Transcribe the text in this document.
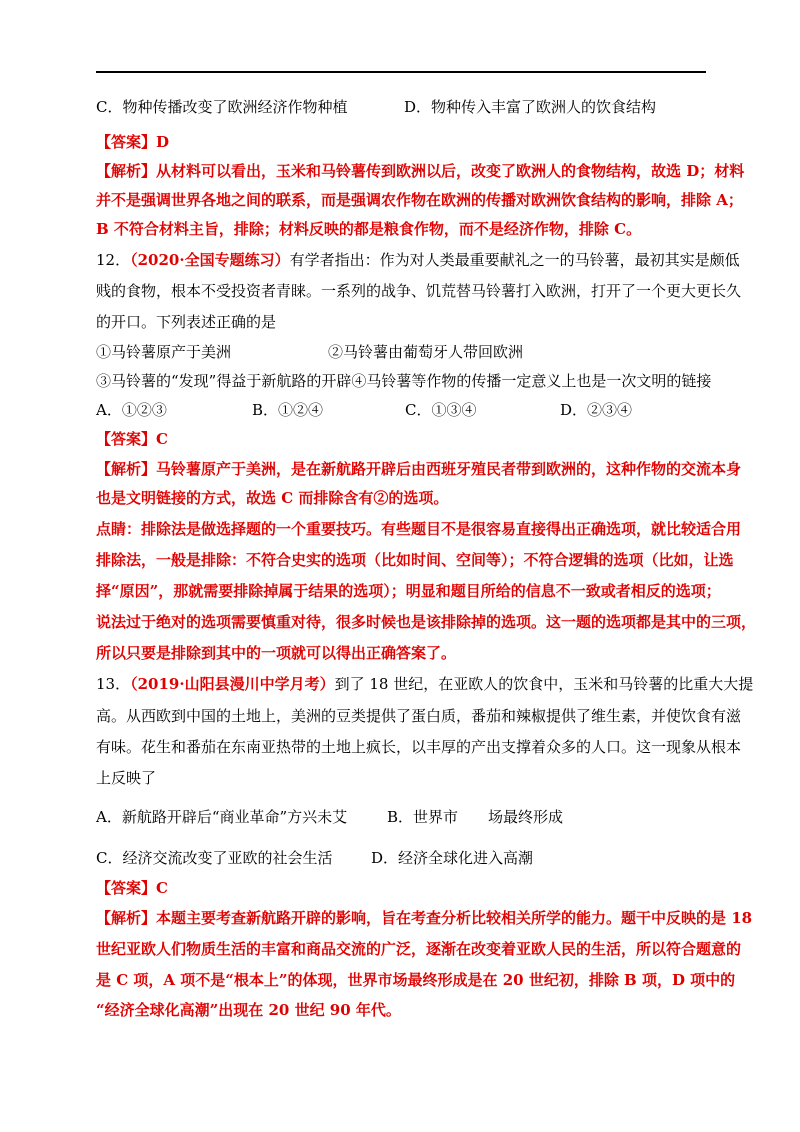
C．物种传播改变了欧洲经济作物种植	D．物种传入丰富了欧洲人的饮食结构
【答案】D
【解析】从材料可以看出，玉米和马铃薯传到欧洲以后，改变了欧洲人的食物结构，故选 D；材料
并不是强调世界各地之间的联系，而是强调农作物在欧洲的传播对欧洲饮食结构的影响，排除 A；
B 不符合材料主旨，排除；材料反映的都是粮食作物，而不是经济作物，排除 C。
12．（2020·全国专题练习）有学者指出：作为对人类最重要献礼之一的马铃薯，最初其实是颇低
贱的食物，根本不受投资者青睐。一系列的战争、饥荒替马铃薯打入欧洲，打开了一个更大更长久
的开口。下列表述正确的是
①马铃薯原产于美洲	②马铃薯由葡萄牙人带回欧洲
③马铃薯的“发现”得益于新航路的开辟④马铃薯等作物的传播一定意义上也是一次文明的链接
A．①②③	B．①②④	C．①③④	D．②③④
【答案】C
【解析】马铃薯原产于美洲，是在新航路开辟后由西班牙殖民者带到欧洲的，这种作物的交流本身
也是文明链接的方式，故选 C 而排除含有②的选项。
点睛：排除法是做选择题的一个重要技巧。有些题目不是很容易直接得出正确选项，就比较适合用
排除法，一般是排除：不符合史实的选项（比如时间、空间等）；不符合逻辑的选项（比如，让选
择“原因”，那就需要排除掉属于结果的选项）；明显和题目所给的信息不一致或者相反的选项；
说法过于绝对的选项需要慎重对待，很多时候也是该排除掉的选项。这一题的选项都是其中的三项，
所以只要是排除到其中的一项就可以得出正确答案了。
13．（2019·山阳县漫川中学月考）到了 18 世纪，在亚欧人的饮食中，玉米和马铃薯的比重大大提
高。从西欧到中国的土地上，美洲的豆类提供了蛋白质，番茄和辣椒提供了维生素，并使饮食有滋
有味。花生和番茄在东南亚热带的土地上疯长，以丰厚的产出支撑着众多的人口。这一现象从根本
上反映了
A．新航路开辟后“商业革命”方兴未艾	B．世界市 场最终形成
C．经济交流改变了亚欧的社会生活	D．经济全球化进入高潮
【答案】C
【解析】本题主要考查新航路开辟的影响，旨在考查分析比较相关所学的能力。题干中反映的是 18
世纪亚欧人们物质生活的丰富和商品交流的广泛，逐渐在改变着亚欧人民的生活，所以符合题意的
是 C 项，A 项不是“根本上”的体现，世界市场最终形成是在 20 世纪初，排除 B 项，D 项中的
“经济全球化高潮”出现在 20 世纪 90 年代。
